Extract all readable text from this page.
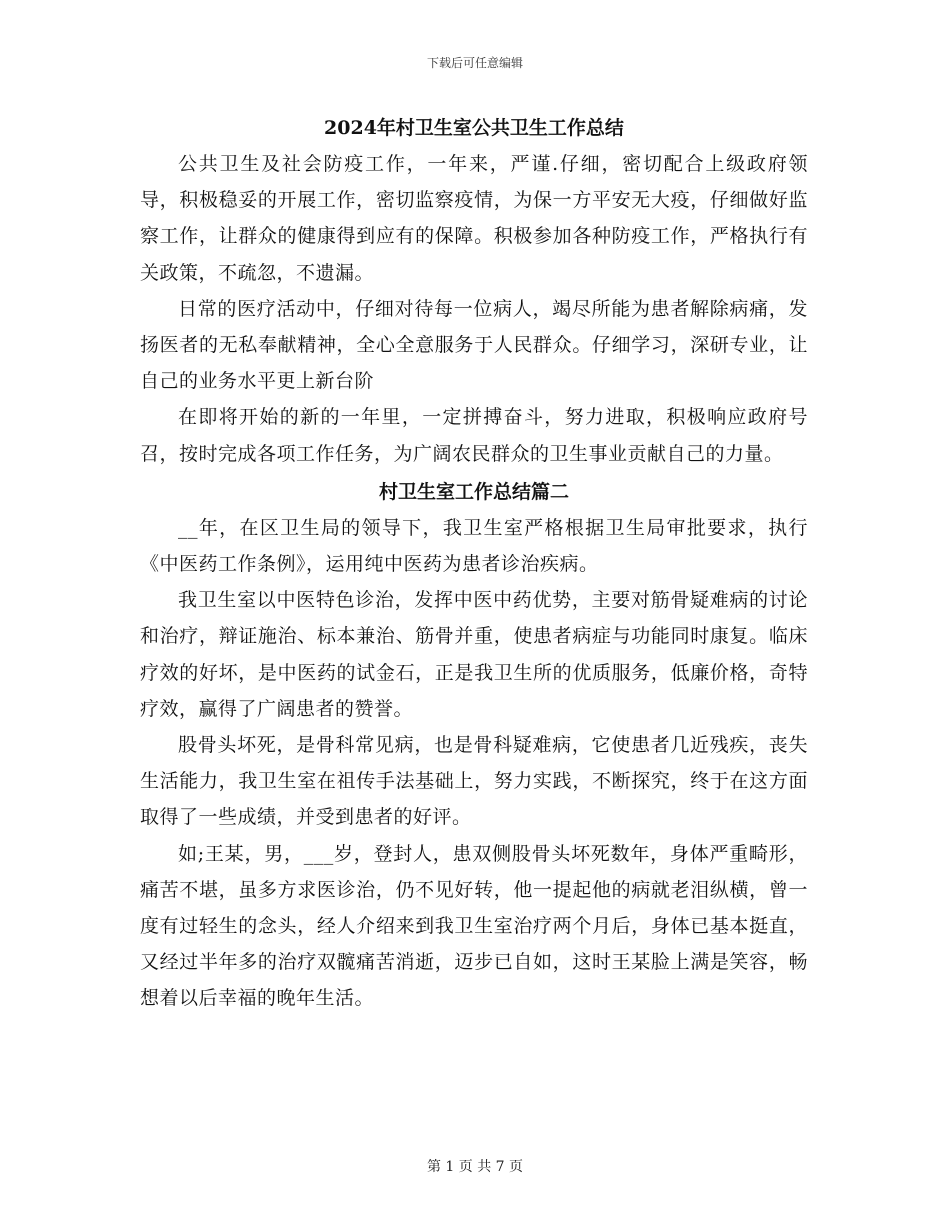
下载后可任意编辑
2024年村卫生室公共卫生工作总结

公共卫生及社会防疫工作，一年来，严谨.仔细，密切配合上级政府领导，积极稳妥的开展工作，密切监察疫情，为保一方平安无大疫，仔细做好监察工作，让群众的健康得到应有的保障。积极参加各种防疫工作，严格执行有关政策，不疏忽，不遗漏。

日常的医疗活动中，仔细对待每一位病人，竭尽所能为患者解除病痛，发扬医者的无私奉献精神，全心全意服务于人民群众。仔细学习，深研专业，让自己的业务水平更上新台阶

在即将开始的新的一年里，一定拼搏奋斗，努力进取，积极响应政府号召，按时完成各项工作任务，为广阔农民群众的卫生事业贡献自己的力量。

村卫生室工作总结篇二

__年，在区卫生局的领导下，我卫生室严格根据卫生局审批要求，执行《中医药工作条例》，运用纯中医药为患者诊治疾病。

我卫生室以中医特色诊治，发挥中医中药优势，主要对筋骨疑难病的讨论和治疗，辩证施治、标本兼治、筋骨并重，使患者病症与功能同时康复。临床疗效的好坏，是中医药的试金石，正是我卫生所的优质服务，低廉价格，奇特疗效，赢得了广阔患者的赞誉。

股骨头坏死，是骨科常见病，也是骨科疑难病，它使患者几近残疾，丧失生活能力，我卫生室在祖传手法基础上，努力实践，不断探究，终于在这方面取得了一些成绩，并受到患者的好评。

如;王某，男，___岁，登封人，患双侧股骨头坏死数年，身体严重畸形，痛苦不堪，虽多方求医诊治，仍不见好转，他一提起他的病就老泪纵横，曾一度有过轻生的念头，经人介绍来到我卫生室治疗两个月后，身体已基本挺直，又经过半年多的治疗双髋痛苦消逝，迈步已自如，这时王某脸上满是笑容，畅想着以后幸福的晚年生活。

第 1 页 共 7 页
